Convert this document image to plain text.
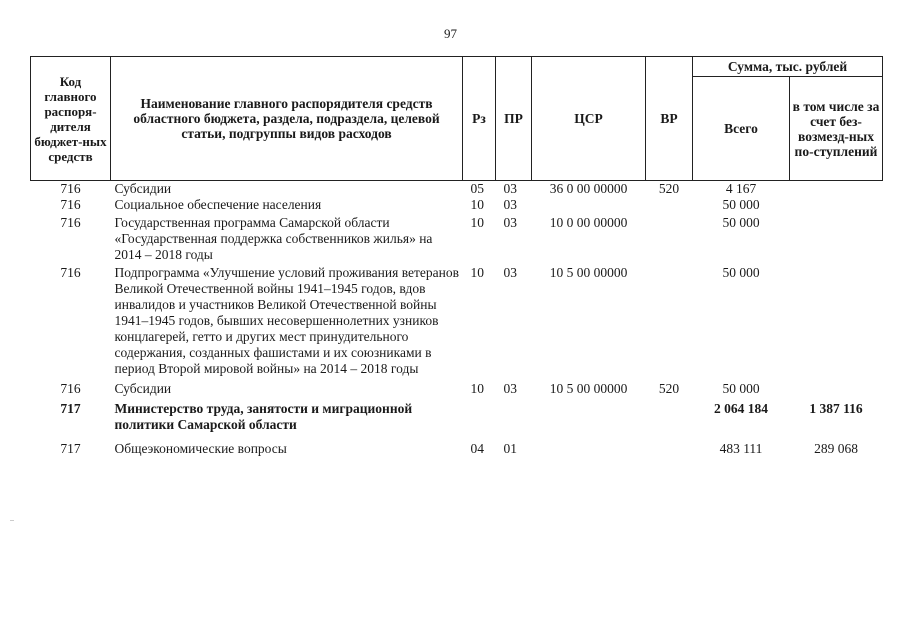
97
Код главного распоря-дителя бюджет-ных средств	Наименование главного распорядителя средств областного бюджета, раздела, подраздела, целевой статьи, подгруппы видов расходов	Рз	ПР	ЦСР	ВР	Сумма, тыс. рублей	
						Всего	в том числе за счет без-возмезд-ных по-ступлений
716	Субсидии	05	03	36 0 00 00000	520	4 167	
716	Социальное обеспечение населения	10	03			50 000	
716	Государственная программа Самарской области «Государственная поддержка собственников жилья» на 2014 – 2018 годы	10	03	10 0 00 00000		50 000	
716	Подпрограмма «Улучшение условий проживания ветеранов Великой Отечественной войны 1941–1945 годов, вдов инвалидов и участников Великой Отечественной войны 1941–1945 годов, бывших несовершеннолетних узников концлагерей, гетто и других мест принудительного содержания, созданных фашистами и их союзниками в период Второй мировой войны» на 2014 – 2018 годы	10	03	10 5 00 00000		50 000	
716	Субсидии	10	03	10 5 00 00000	520	50 000	
717	Министерство труда, занятости и миграционной политики Самарской области					2 064 184	1 387 116
717	Общеэкономические вопросы	04	01			483 111	289 068
